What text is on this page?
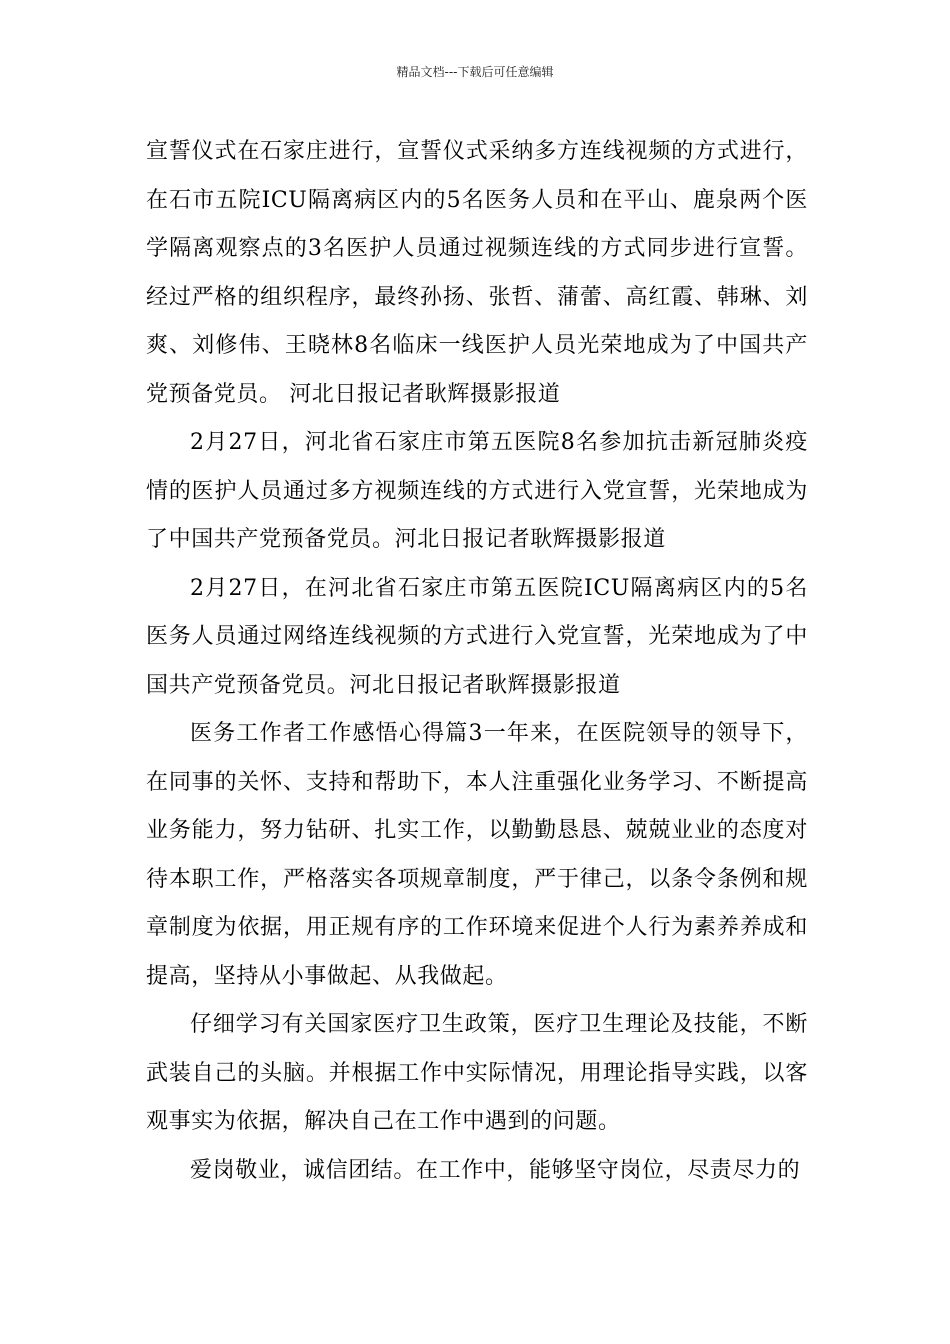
精品文档---下载后可任意编辑

宣誓仪式在石家庄进行，宣誓仪式采纳多方连线视频的方式进行，在石市五院ICU隔离病区内的5名医务人员和在平山、鹿泉两个医学隔离观察点的3名医护人员通过视频连线的方式同步进行宣誓。经过严格的组织程序，最终孙扬、张哲、蒲蕾、高红霞、韩琳、刘爽、刘修伟、王晓林8名临床一线医护人员光荣地成为了中国共产党预备党员。 河北日报记者耿辉摄影报道

2月27日，河北省石家庄市第五医院8名参加抗击新冠肺炎疫情的医护人员通过多方视频连线的方式进行入党宣誓，光荣地成为了中国共产党预备党员。河北日报记者耿辉摄影报道

2月27日，在河北省石家庄市第五医院ICU隔离病区内的5名医务人员通过网络连线视频的方式进行入党宣誓，光荣地成为了中国共产党预备党员。河北日报记者耿辉摄影报道

医务工作者工作感悟心得篇3一年来，在医院领导的领导下，在同事的关怀、支持和帮助下，本人注重强化业务学习、不断提高业务能力，努力钻研、扎实工作，以勤勤恳恳、兢兢业业的态度对待本职工作，严格落实各项规章制度，严于律己，以条令条例和规章制度为依据，用正规有序的工作环境来促进个人行为素养养成和提高，坚持从小事做起、从我做起。

仔细学习有关国家医疗卫生政策，医疗卫生理论及技能，不断武装自己的头脑。并根据工作中实际情况，用理论指导实践，以客观事实为依据，解决自己在工作中遇到的问题。

爱岗敬业，诚信团结。在工作中，能够坚守岗位，尽责尽力的
